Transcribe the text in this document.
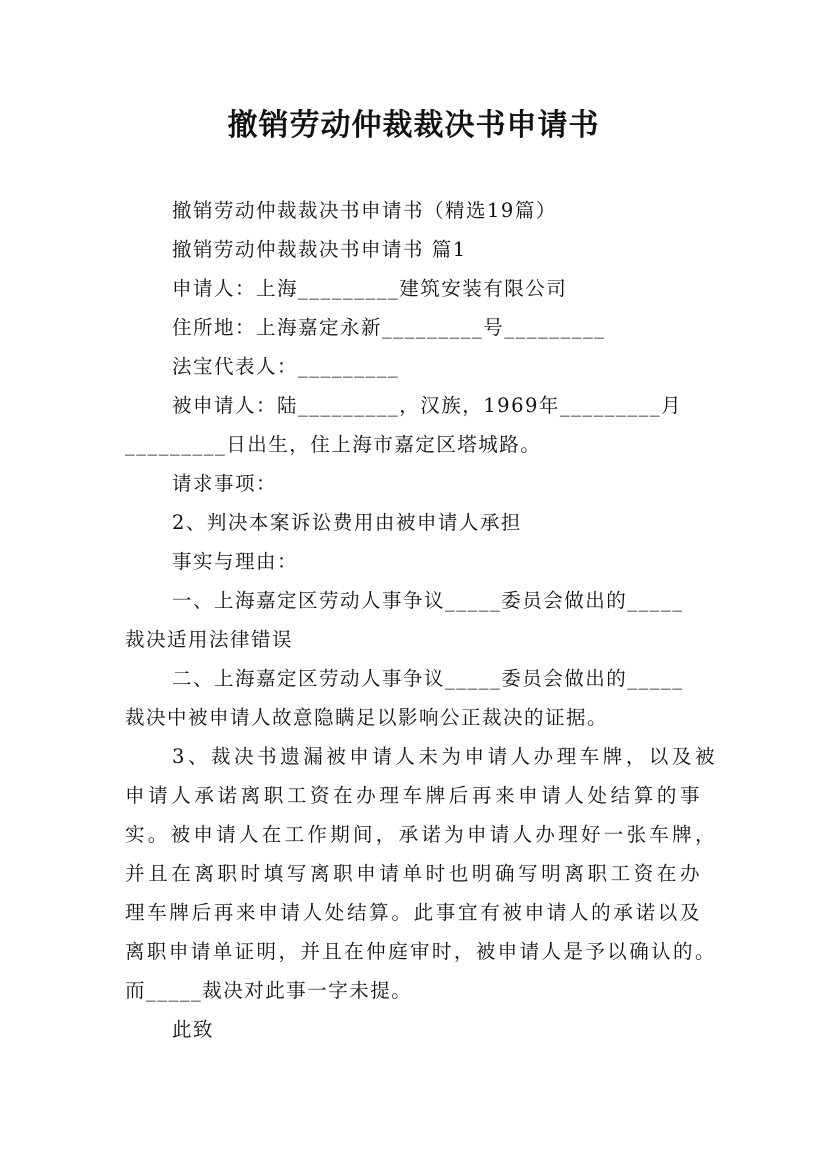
撤销劳动仲裁裁决书申请书
撤销劳动仲裁裁决书申请书（精选19篇）
撤销劳动仲裁裁决书申请书 篇1
申请人：上海_________建筑安装有限公司
住所地：上海嘉定永新_________号_________
法宝代表人：_________
被申请人：陆_________，汉族，1969年_________月
_________日出生，住上海市嘉定区塔城路。
请求事项：
2、判决本案诉讼费用由被申请人承担
事实与理由：
一、上海嘉定区劳动人事争议_____委员会做出的_____
裁决适用法律错误
二、上海嘉定区劳动人事争议_____委员会做出的_____
裁决中被申请人故意隐瞒足以影响公正裁决的证据。
3、裁决书遗漏被申请人未为申请人办理车牌，以及被
申请人承诺离职工资在办理车牌后再来申请人处结算的事
实。被申请人在工作期间，承诺为申请人办理好一张车牌，
并且在离职时填写离职申请单时也明确写明离职工资在办
理车牌后再来申请人处结算。此事宜有被申请人的承诺以及
离职申请单证明，并且在仲庭审时，被申请人是予以确认的。
而_____裁决对此事一字未提。
此致
